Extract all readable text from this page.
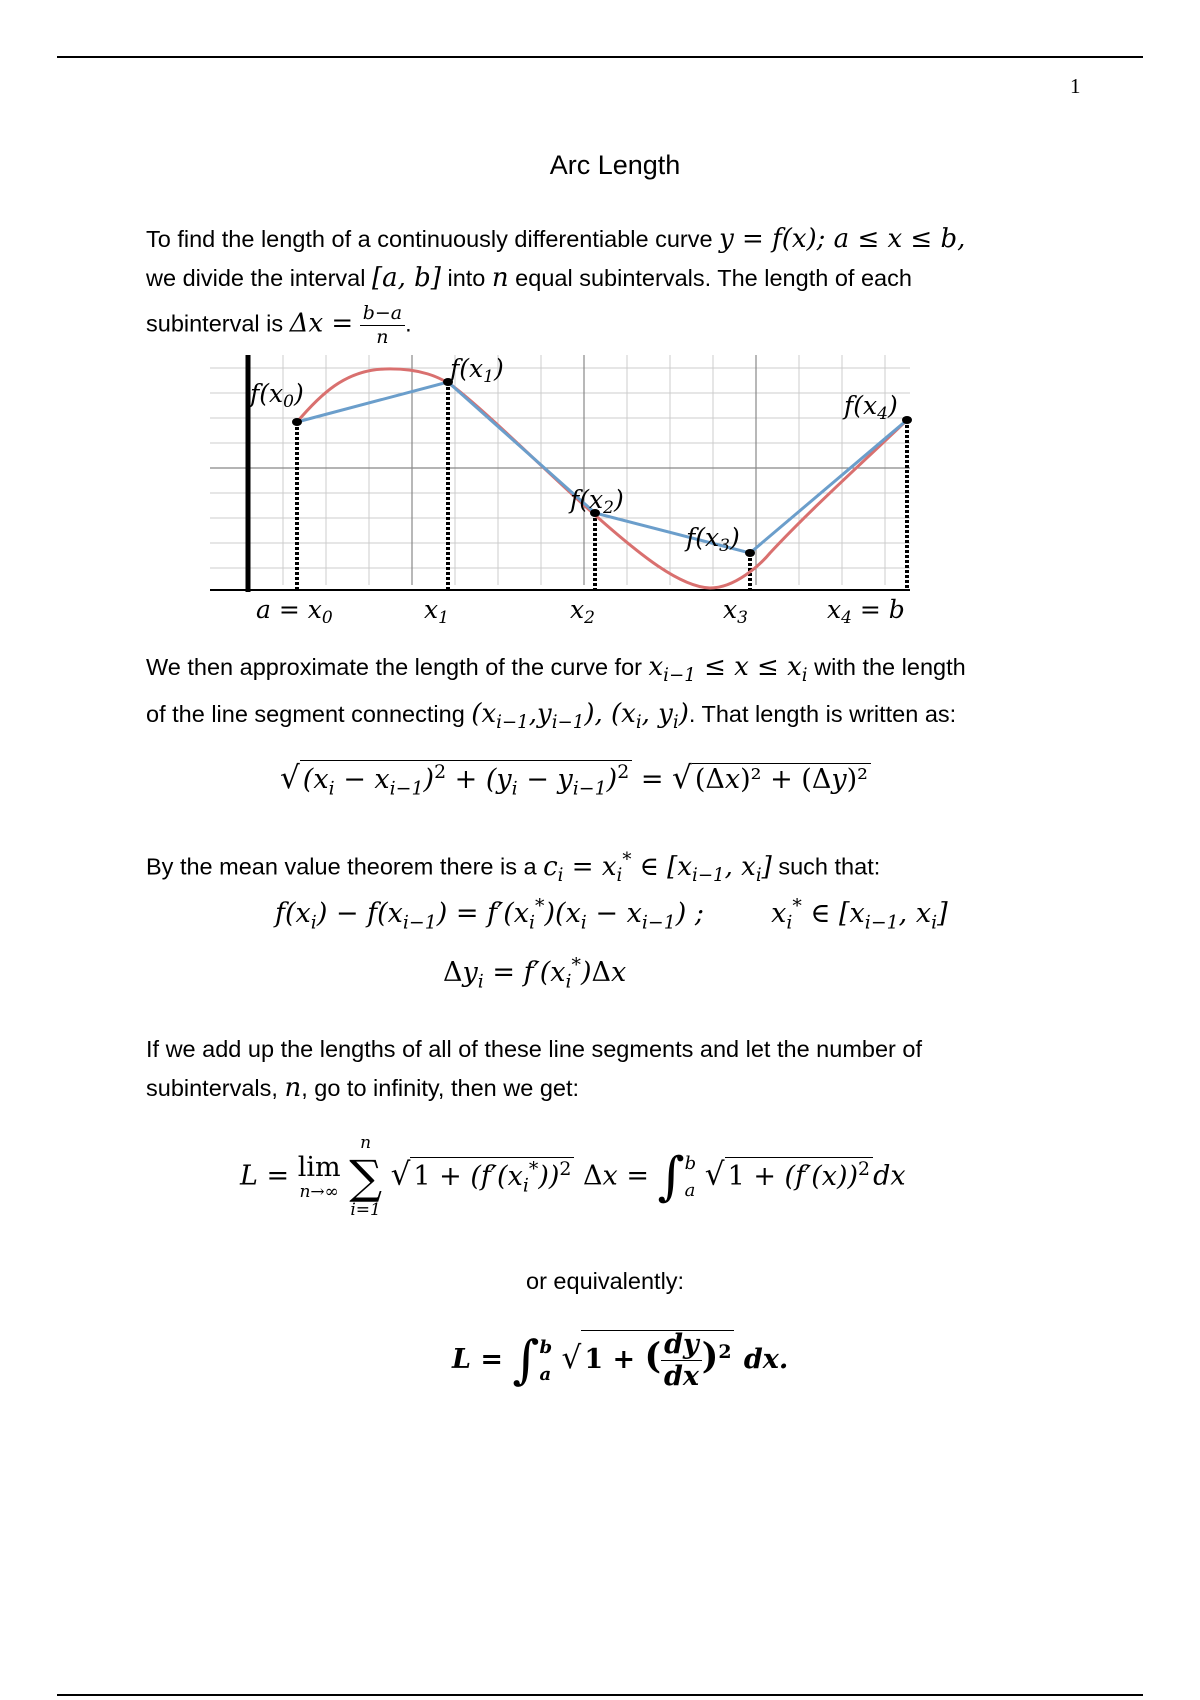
1
Arc Length
To find the length of a continuously differentiable curve y = f(x); a ≤ x ≤ b,
we divide the interval [a, b] into n equal subintervals. The length of each
subinterval is $\Delta x = \frac{b-a}{n}$ .
$f(x_0)$
$f(x_1)$
$f(x_2)$
$f(x_3)$
$f(x_4)$
$a = x_0$	$x_1$	$x_2$	$x_3$	$x_4 = b$
We then approximate the length of the curve for $x_{i-1} \le x \le x_i$ with the length
of the line segment connecting $(x_{i-1},y_{i-1})$, ($x_i$, $y_i$). That length is written as:
√ $(x_i - x_{i-1})^2 + (y_i - y_{i-1})^2$ = √ (Δx)² + (Δy)²
By the mean value theorem there is a $c_i = x_i^*$ ∈ [$x_{i-1}$, $x_i$] such that:
$f(x_i) - f(x_{i-1}) = f'(x_i^*)(x_i - x_{i-1})$ ;  $x_i^*$ ∈ [$x_{i-1}$, $x_i$]
$\Delta y_i = f'(x_i^*)\Delta x$
If we add up the lengths of all of these line segments and let the number of
subintervals, n, go to infinity, then we get:
L = lim
n→∞

n
∑
i=1
√ $1 + (f'(x_i^*))^2$ Δx = ∫ b
a √ $1 + (f'(x))^2$ dx
or equivalently:
L = ∫ b
a √ 1 + ( $\frac{dy}{dx} )^2$ dx.
